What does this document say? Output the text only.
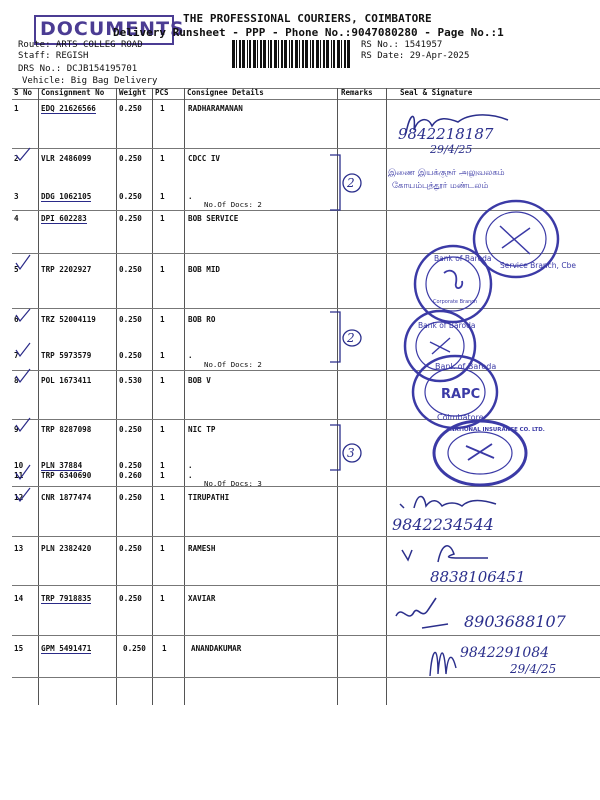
DOCUMENTS
THE PROFESSIONAL COURIERS, COIMBATORE
Delivery Runsheet - PPP - Phone No.:9047080280 - Page No.:1
Route: ARTS COLLEG ROAD
Staff: REGISH
DRS No.: DCJB154195701
Vehicle: Big Bag Delivery
RS No.: 1541957
RS Date: 29-Apr-2025
S No Consignment No Weight PCS Consignee Details	Remarks	Seal & Signature
1	EDQ 21626566	0.250 1	RADHARAMANAN
2	VLR 2486099	0.250 1	CDCC IV
3	DDG 1062105	0.250 1	.
No.Of Docs: 2
4	DPI 602283	0.250 1	BOB SERVICE
5	TRP 2202927	0.250 1	BOB MID
6	TRZ 52004119	0.250 1	BOB RO
7	TRP 5973579	0.250 1	.
No.Of Docs: 2
8	POL 1673411	0.530 1	BOB V
9	TRP 8287098	0.250 1	NIC TP
10 PLN 37884	0.250 1	.
11 TRP 6340690	0.260 1	.
No.Of Docs: 3
12 CNR 1877474	0.250 1	TIRUPATHI
13 PLN 2382420	0.250 1	RAMESH
14 TRP 7918835	0.250 1	XAVIAR
15 GPM 5491471	0.250 1	ANANDAKUMAR
2
2
3
9842218187
29/4/25
இணை இயக்குநர் அலுவலகம்
கோயம்புத்தூர் மண்டலம்
Service Branch, Cbe
Bank of Baroda
Corporate Branch
Bank of Baroda
Bank of Baroda
RAPC
Coimbatore
NATIONAL INSURANCE CO. LTD.
9842234544
8838106451
8903688107
9842291084
29/4/25
